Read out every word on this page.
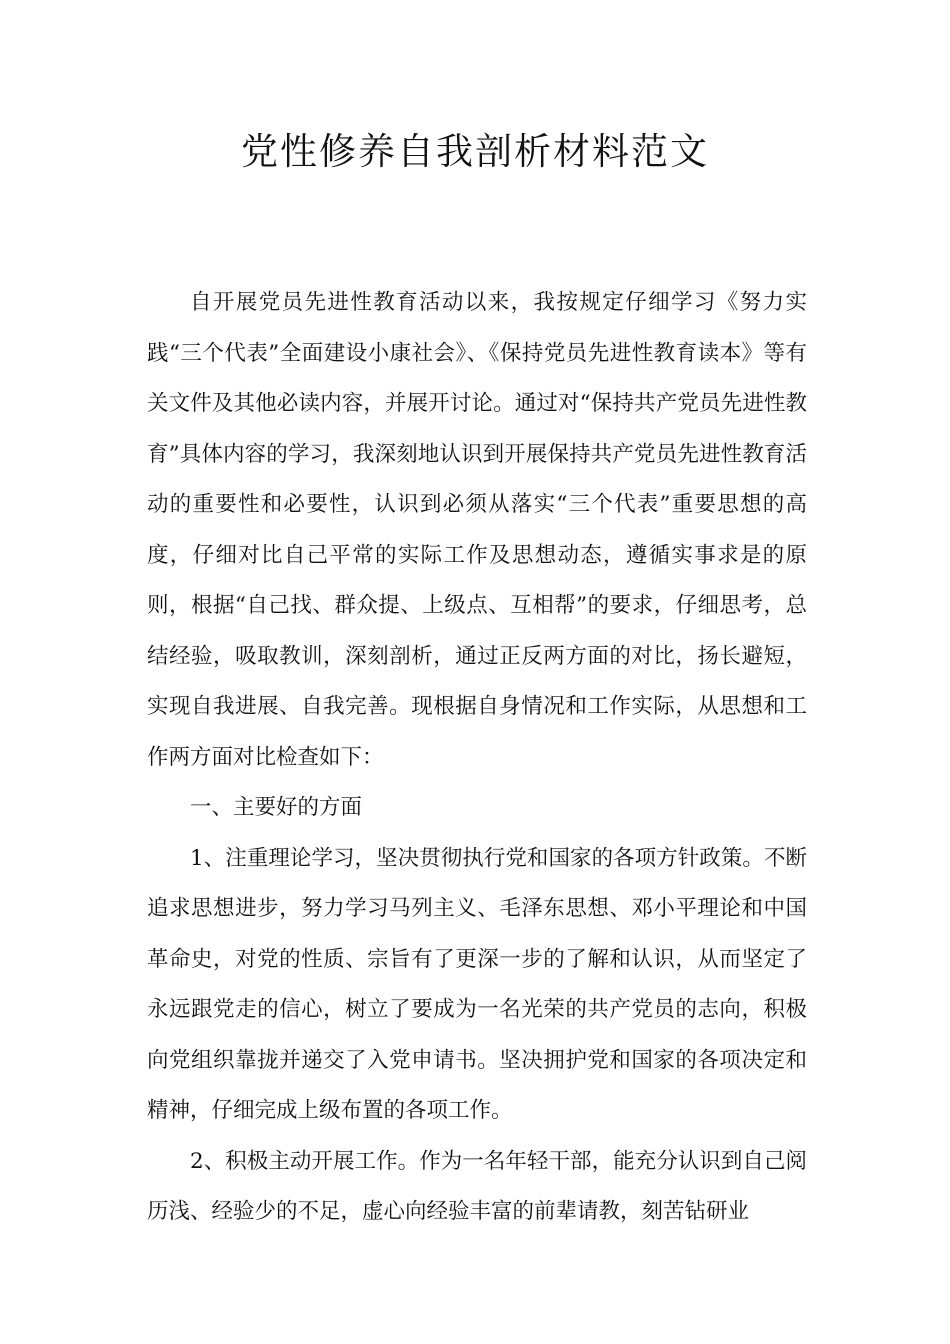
党性修养自我剖析材料范文

自开展党员先进性教育活动以来，我按规定仔细学习《努力实践“三个代表”全面建设小康社会》、《保持党员先进性教育读本》等有关文件及其他必读内容，并展开讨论。通过对“保持共产党员先进性教育”具体内容的学习，我深刻地认识到开展保持共产党员先进性教育活动的重要性和必要性，认识到必须从落实“三个代表”重要思想的高度，仔细对比自己平常的实际工作及思想动态，遵循实事求是的原则，根据“自己找、群众提、上级点、互相帮”的要求，仔细思考，总结经验，吸取教训，深刻剖析，通过正反两方面的对比，扬长避短，实现自我进展、自我完善。现根据自身情况和工作实际，从思想和工作两方面对比检查如下：

一、主要好的方面

1、注重理论学习，坚决贯彻执行党和国家的各项方针政策。不断追求思想进步，努力学习马列主义、毛泽东思想、邓小平理论和中国革命史，对党的性质、宗旨有了更深一步的了解和认识，从而坚定了永远跟党走的信心，树立了要成为一名光荣的共产党员的志向，积极向党组织靠拢并递交了入党申请书。坚决拥护党和国家的各项决定和精神，仔细完成上级布置的各项工作。

2、积极主动开展工作。作为一名年轻干部，能充分认识到自己阅历浅、经验少的不足，虚心向经验丰富的前辈请教，刻苦钻研业
